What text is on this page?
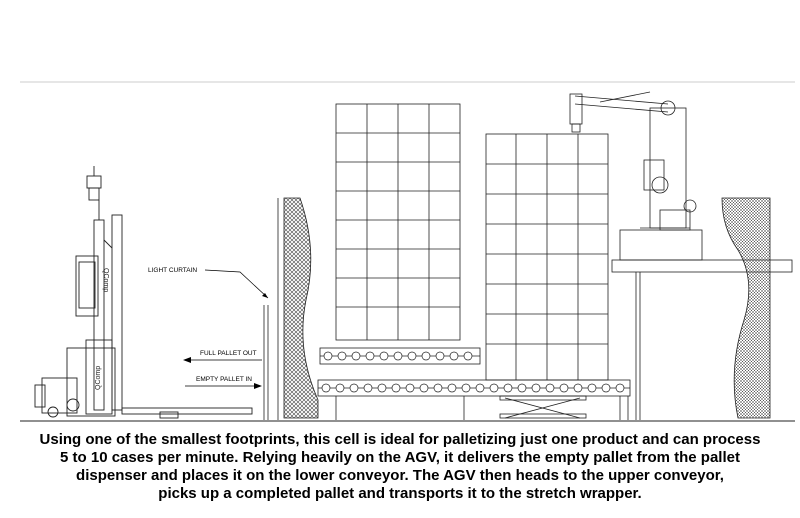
QComp
QComp
LIGHT CURTAIN
FULL PALLET OUT
EMPTY PALLET IN
Using one of the smallest footprints, this cell is ideal for palletizing just one product and can process
5 to 10 cases per minute. Relying heavily on the AGV, it delivers the empty pallet from the pallet
dispenser and places it on the lower conveyor. The AGV then heads to the upper conveyor,
picks up a completed pallet and transports it to the stretch wrapper.
